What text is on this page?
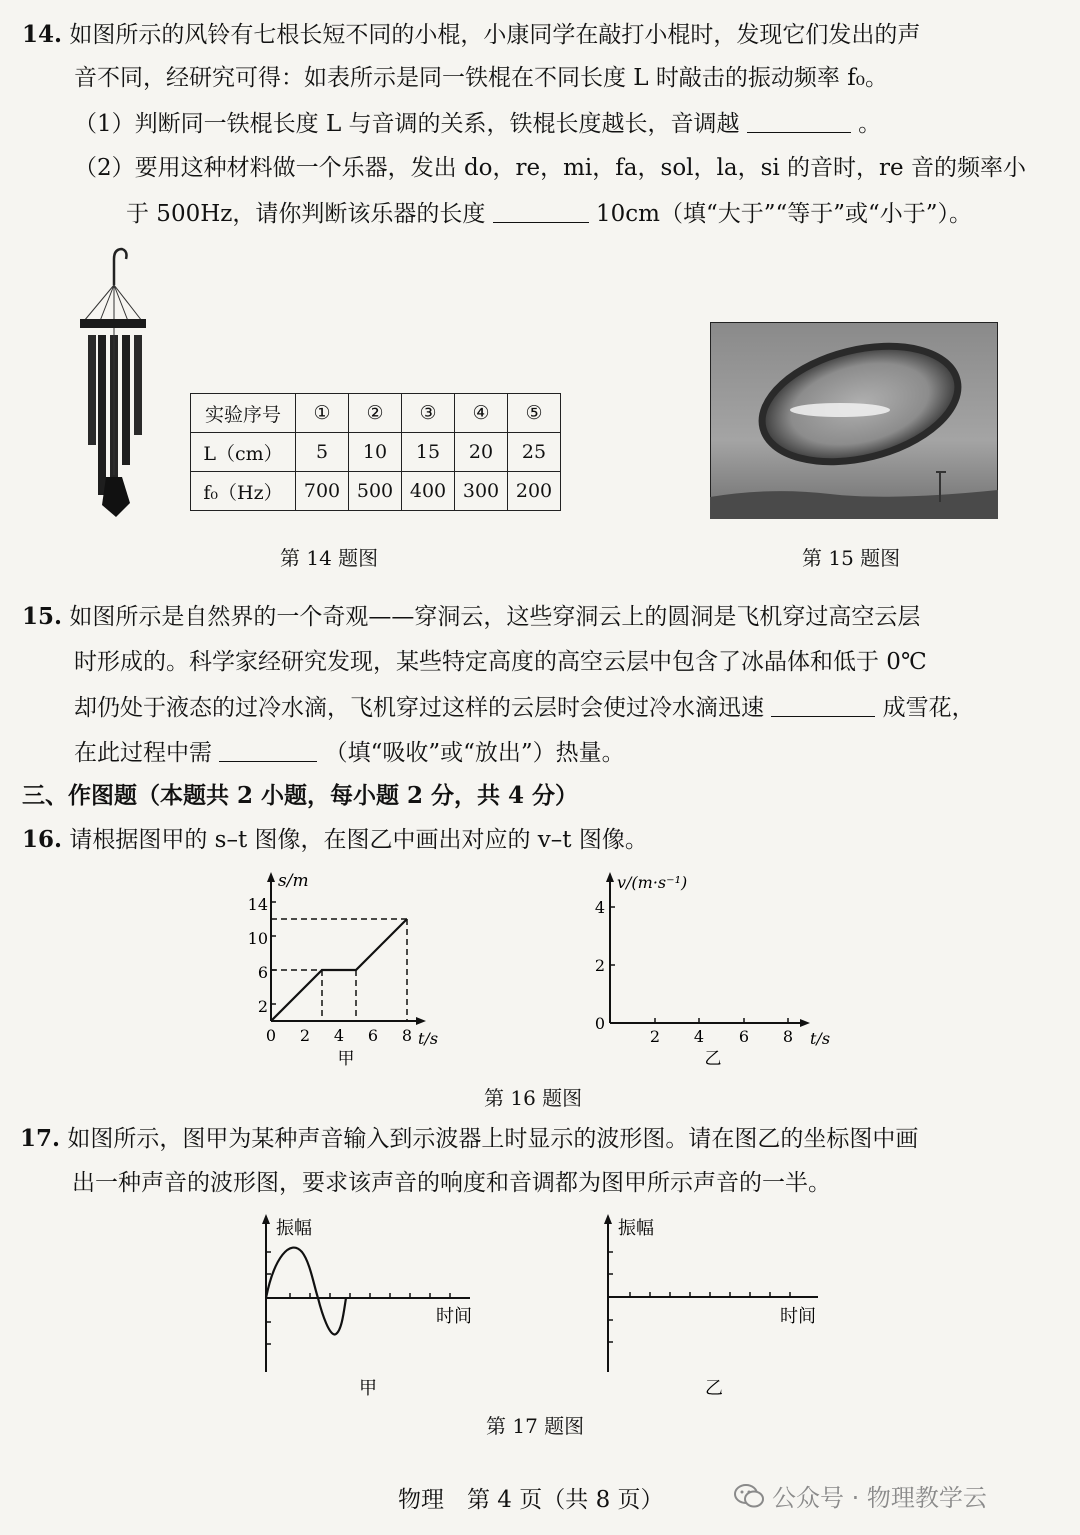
14. 如图所示的风铃有七根长短不同的小棍，小康同学在敲打小棍时，发现它们发出的声
音不同，经研究可得：如表所示是同一铁棍在不同长度 L 时敲击的振动频率 f₀。
（1）判断同一铁棍长度 L 与音调的关系，铁棍长度越长，音调越	。
（2）要用这种材料做一个乐器，发出 do，re，mi，fa，sol，la，si 的音时，re 音的频率小
于 500Hz，请你判断该乐器的长度	10cm（填“大于”“等于”或“小于”）。
实验序号	①	②	③	④	⑤
L（cm）	5	10	15	20	25
f₀（Hz）	700	500	400	300	200
第 14 题图	第 15 题图
15. 如图所示是自然界的一个奇观——穿洞云，这些穿洞云上的圆洞是飞机穿过高空云层
时形成的。科学家经研究发现，某些特定高度的高空云层中包含了冰晶体和低于 0℃
却仍处于液态的过冷水滴，飞机穿过这样的云层时会使过冷水滴迅速	成雪花，
在此过程中需	（填“吸收”或“放出”）热量。
三、作图题（本题共 2 小题，每小题 2 分，共 4 分）
16. 请根据图甲的 s–t 图像，在图乙中画出对应的 v–t 图像。
s/m
14
10
6
2
0 2 4 6 8 t/s
甲
v/(m·s⁻¹)
4
2
0
2 4 6 8 t/s
乙
第 16 题图
17. 如图所示，图甲为某种声音输入到示波器上时显示的波形图。请在图乙的坐标图中画
出一种声音的波形图，要求该声音的响度和音调都为图甲所示声音的一半。
振幅
时间
甲
振幅
时间
乙
第 17 题图
物理　第 4 页（共 8 页）	公众号 · 物理教学云
